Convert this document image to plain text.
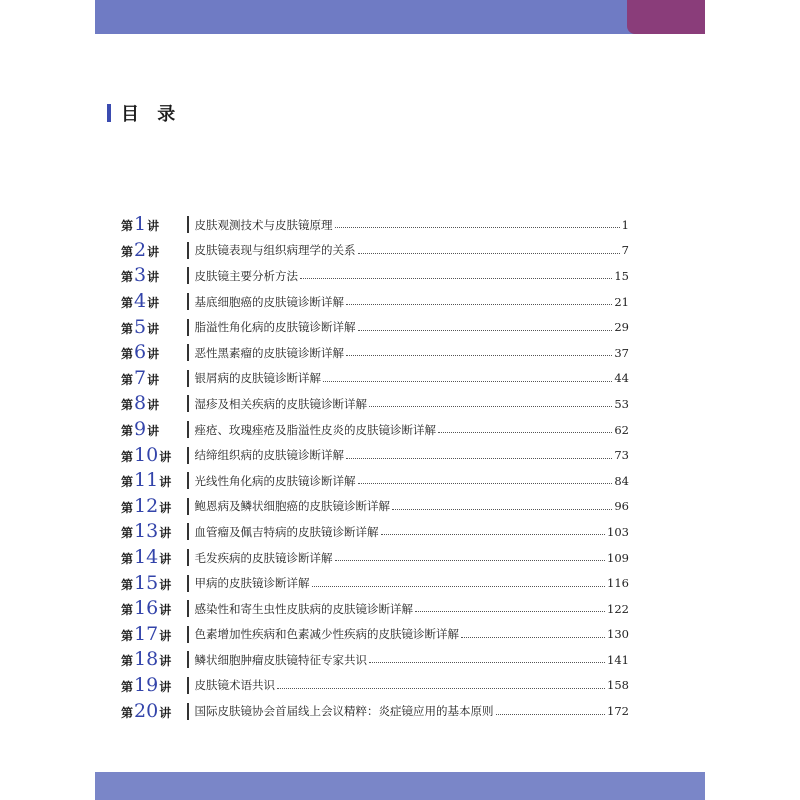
目 录
第 1 讲	皮肤观测技术与皮肤镜原理	1
第 2 讲	皮肤镜表现与组织病理学的关系	7
第 3 讲	皮肤镜主要分析方法	15
第 4 讲	基底细胞癌的皮肤镜诊断详解	21
第 5 讲	脂溢性角化病的皮肤镜诊断详解	29
第 6 讲	恶性黑素瘤的皮肤镜诊断详解	37
第 7 讲	银屑病的皮肤镜诊断详解	44
第 8 讲	湿疹及相关疾病的皮肤镜诊断详解	53
第 9 讲	痤疮、玫瑰痤疮及脂溢性皮炎的皮肤镜诊断详解	62
第 10 讲 结缔组织病的皮肤镜诊断详解	73
第 11 讲 光线性角化病的皮肤镜诊断详解	84
第 12 讲 鲍恩病及鳞状细胞癌的皮肤镜诊断详解	96
第 13 讲 血管瘤及佩吉特病的皮肤镜诊断详解	103
第 14 讲 毛发疾病的皮肤镜诊断详解	109
第 15 讲 甲病的皮肤镜诊断详解	116
第 16 讲 感染性和寄生虫性皮肤病的皮肤镜诊断详解	122
第 17 讲 色素增加性疾病和色素减少性疾病的皮肤镜诊断详解	130
第 18 讲 鳞状细胞肿瘤皮肤镜特征专家共识	141
第 19 讲 皮肤镜术语共识	158
第 20 讲 国际皮肤镜协会首届线上会议精粹：炎症镜应用的基本原则	172
